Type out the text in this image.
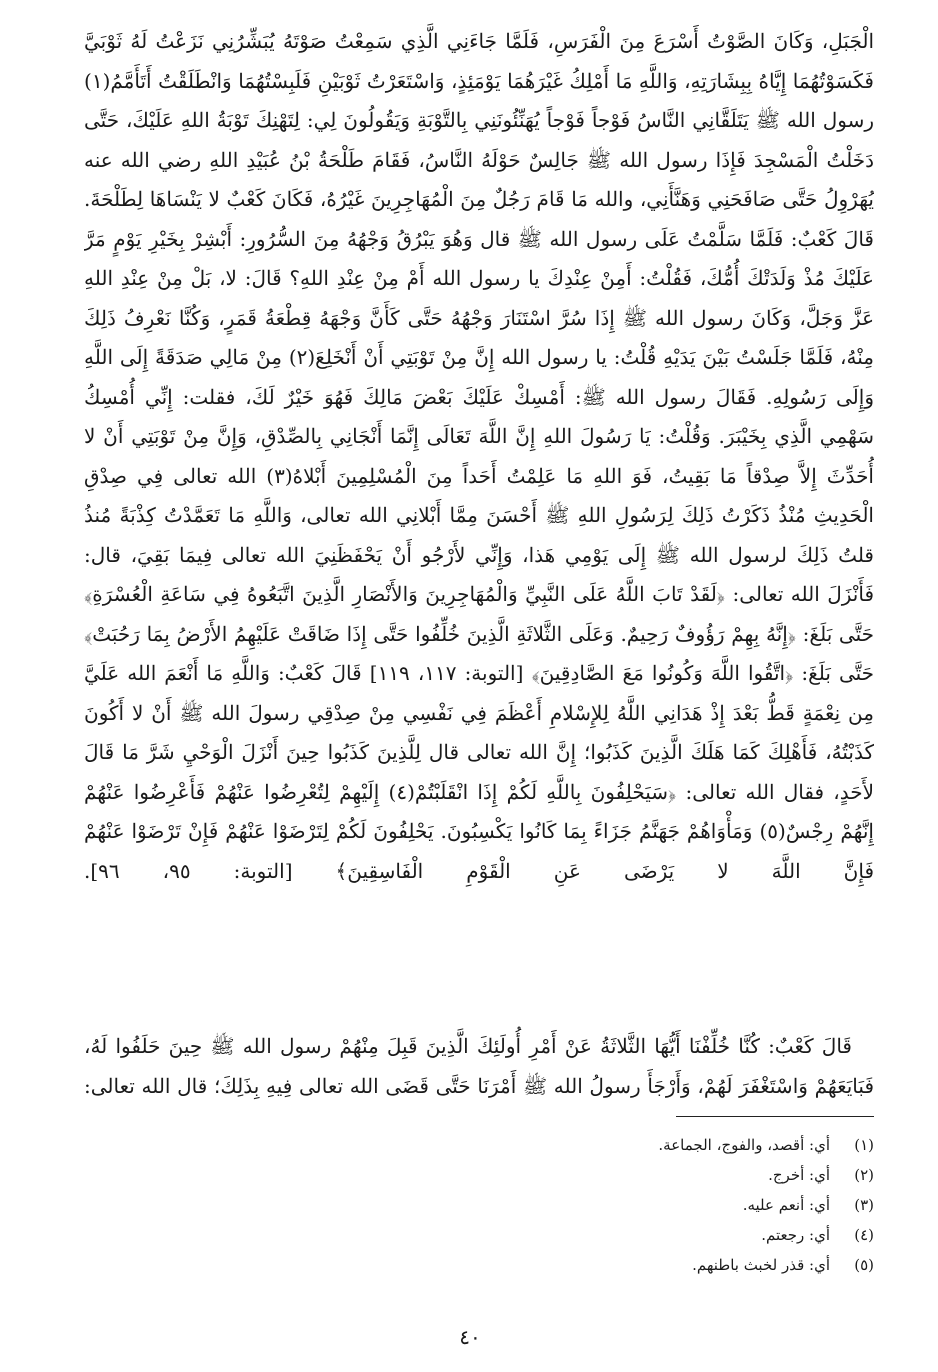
الْجَبَلِ، وَكَانَ الصَّوْتُ أَسْرَعَ مِنَ الْفَرَسِ، فَلَمَّا جَاءَنِي الَّذِي سَمِعْتُ صَوْتَهُ يُبَشِّرُنِي نَزَعْتُ لَهُ ثَوْبَيَّ فَكَسَوْتُهُمَا إِيَّاهُ بِبِشَارَتِهِ، وَاللَّهِ مَا أَمْلِكُ غَيْرَهُمَا يَوْمَئِذٍ، وَاسْتَعَرْتُ ثَوْبَيْنِ فَلَبِسْتُهُمَا وَانْطَلَقْتُ أَتَأَمَّمُ(١) رسول الله ﷺ يَتَلَقَّانِي النَّاسُ فَوْجاً فَوْجاً يُهَنِّئُونَنِي بِالتَّوْبَةِ وَيَقُولُونَ لِي: لِتَهْنِكَ تَوْبَةُ اللهِ عَلَيْكَ، حَتَّى دَخَلْتُ الْمَسْجِدَ فَإِذَا رسول الله ﷺ جَالِسٌ حَوْلَهُ النَّاسُ، فَقَامَ طَلْحَةُ بْنُ عُبَيْدِ اللهِ رضي الله عنه يُهَرْوِلُ حَتَّى صَافَحَنِي وَهَنَّأَنِي، والله مَا قَامَ رَجُلٌ مِنَ الْمُهَاجِرِينَ غَيْرُهُ، فَكَانَ كَعْبٌ لا يَنْسَاهَا لِطَلْحَةَ. قَالَ كَعْبٌ: فَلَمَّا سَلَّمْتُ عَلَى رسول الله ﷺ قال وَهُوَ يَبْرُقُ وَجْهُهُ مِنَ السُّرُورِ: أَبْشِرْ بِخَيْرِ يَوْمٍ مَرَّ عَلَيْكَ مُذْ وَلَدَتْكَ أُمُّكَ، فَقُلْتُ: أَمِنْ عِنْدِكَ يا رسول الله أَمْ مِنْ عِنْدِ اللهِ؟ قَالَ: لا، بَلْ مِنْ عِنْدِ اللهِ عَزَّ وَجَلَّ، وَكَانَ رسول الله ﷺ إِذَا سُرَّ اسْتَنَارَ وَجْهُهُ حَتَّى كَأَنَّ وَجْهَهُ قِطْعَةُ قَمَرٍ، وَكُنَّا نَعْرِفُ ذَلِكَ مِنْهُ، فَلَمَّا جَلَسْتُ بَيْنَ يَدَيْهِ قُلْتُ: يا رسول الله إِنَّ مِنْ تَوْبَتِي أَنْ أَنْخَلِعَ(٢) مِنْ مَالِي صَدَقَةً إِلَى اللَّهِ وَإِلَى رَسُولِهِ. فَقَالَ رسول الله ﷺ: أَمْسِكْ عَلَيْكَ بَعْضَ مَالِكَ فَهُوَ خَيْرٌ لَكَ، فقلت: إِنِّي أُمْسِكُ سَهْمِي الَّذِي بِخَيْبَرَ. وَقُلْتُ: يَا رَسُولَ اللهِ إِنَّ اللَّهَ تَعَالَى إِنَّمَا أَنْجَانِي بِالصِّدْقِ، وَإِنَّ مِنْ تَوْبَتِي أَنْ لا أُحَدِّثَ إِلاَّ صِدْقاً مَا بَقِيتُ، فَوَ اللهِ مَا عَلِمْتُ أَحَداً مِنَ الْمُسْلِمِينَ أَبْلاهُ(٣) الله تعالى فِي صِدْقِ الْحَدِيثِ مُنْذُ ذَكَرْتُ ذَلِكَ لِرَسُولِ اللهِ ﷺ أَحْسَنَ مِمَّا أَبْلانِي الله تعالى، وَاللَّهِ مَا تَعَمَّدْتُ كِذْبَةً مُنذُ قلتُ ذَلِكَ لرسول الله ﷺ إِلَى يَوْمِي هَذا، وَإِنِّي لأَرْجُو أَنْ يَحْفَظَنِيَ الله تعالى فِيمَا بَقِيَ، قال: فَأَنْزَلَ الله تعالى: ﴿لَقَدْ تَابَ اللَّهُ عَلَى النَّبِيِّ وَالْمُهَاجِرِينَ وَالأَنْصَارِ الَّذِينَ اتَّبَعُوهُ فِي سَاعَةِ الْعُسْرَةِ﴾ حَتَّى بَلَغَ: ﴿إِنَّهُ بِهِمْ رَؤُوفٌ رَحِيمٌ. وَعَلَى الثَّلاثَةِ الَّذِينَ خُلِّفُوا حَتَّى إِذَا ضَاقَتْ عَلَيْهِمُ الأَرْضُ بِمَا رَحُبَتْ﴾ حَتَّى بَلَغَ: ﴿اتَّقُوا اللَّهَ وَكُونُوا مَعَ الصَّادِقِينَ﴾ [التوبة: ١١٧، ١١٩] قَالَ كَعْبٌ: وَاللَّهِ مَا أَنْعَمَ الله عَلَيَّ مِن نِعْمَةٍ قَطُّ بَعْدَ إِذْ هَدَانِي اللَّهُ لِلإِسْلامِ أَعْظَمَ فِي نَفْسِي مِنْ صِدْقِي رسولَ الله ﷺ أَنْ لا أَكُونَ كَذَبْتُهُ، فَأَهْلِكَ كَمَا هَلَكَ الَّذِينَ كَذَبُوا؛ إِنَّ الله تعالى قال لِلَّذِينَ كَذَبُوا حِينَ أَنْزَلَ الْوَحْيِ شَرَّ مَا قَالَ لأَحَدٍ، فقال الله تعالى: ﴿سَيَحْلِفُونَ بِاللَّهِ لَكُمْ إِذَا انْقَلَبْتُمْ(٤) إِلَيْهِمْ لِتُعْرِضُوا عَنْهُمْ فَأَعْرِضُوا عَنْهُمْ إِنَّهُمْ رِجْسٌ(٥) وَمَأْوَاهُمْ جَهَنَّمُ جَزَاءً بِمَا كَانُوا يَكْسِبُونَ. يَحْلِفُونَ لَكُمْ لِتَرْضَوْا عَنْهُمْ فَإِنْ تَرْضَوْا عَنْهُمْ فَإِنَّ اللَّهَ لا يَرْضَى عَنِ الْقَوْمِ الْفَاسِقِينَ﴾ [التوبة: ٩٥، ٩٦].

قَالَ كَعْبٌ: كُنَّا خُلِّفْنَا أَيُّهَا الثَّلاثَةُ عَنْ أَمْرِ أُولَئِكَ الَّذِينَ قَبِلَ مِنْهُمْ رسول الله ﷺ حِينَ حَلَفُوا لَهُ، فَبَايَعَهُمْ وَاسْتَغْفَرَ لَهُمْ، وَأَرْجَأَ رسولُ الله ﷺ أَمْرَنَا حَتَّى قَضَى الله تعالى فِيهِ بِذَلِكَ؛ قال الله تعالى:

(١)
أي: أقصد، والفوج، الجماعة.
(٢)
أي: أخرج.
(٣)
أي: أنعم عليه.
(٤)
أي: رجعتم.
(٥)
أي: قذر لخبث باطنهم.
٤٠
